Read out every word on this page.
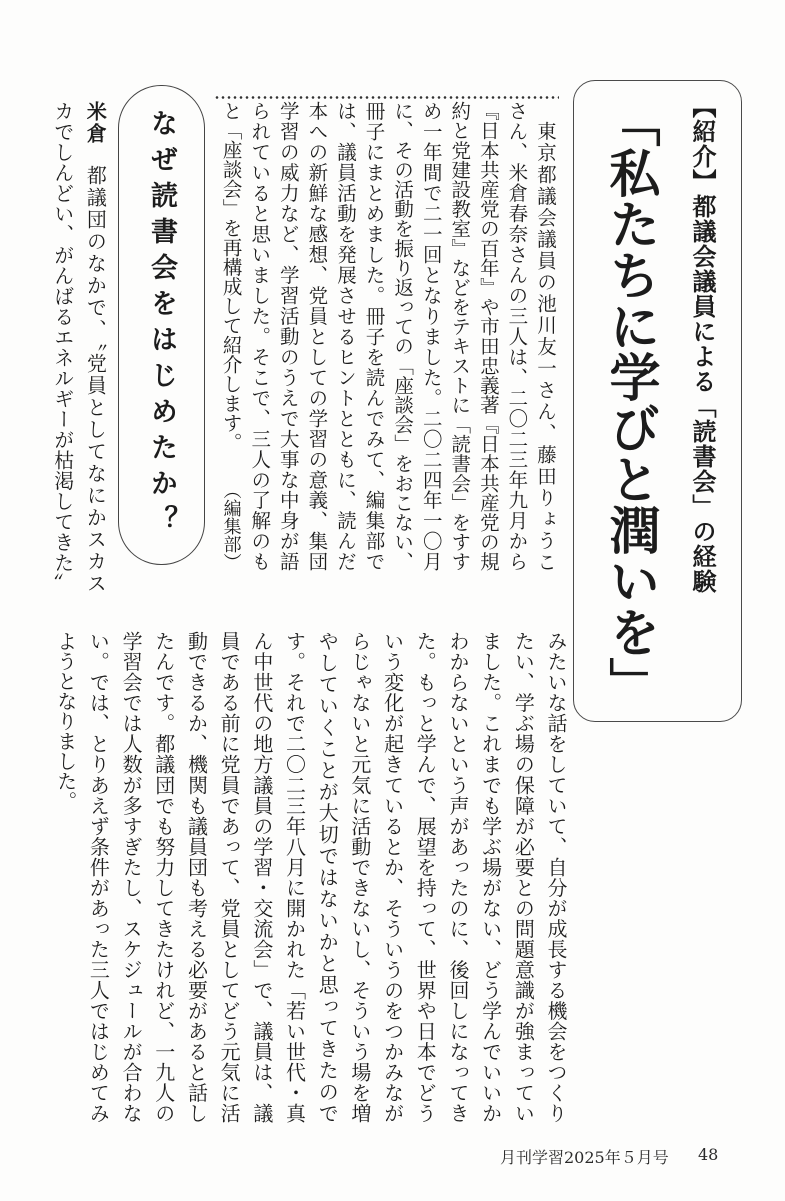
【紹介】都議会議員による「読書会」の経験
「私たちに学びと潤いを」
東京都議会議員の池川友一さん、藤田りょうこ
さん、米倉春奈さんの三人は、二〇二三年九月から
『日本共産党の百年』や市田忠義著『日本共産党の規
約と党建設教室』などをテキストに「読書会」をすす
め一年間で二一回となりました。二〇二四年一〇月
に、その活動を振り返っての「座談会」をおこない、
冊子にまとめました。冊子を読んでみて、編集部で
は、議員活動を発展させるヒントとともに、読んだ
本への新鮮な感想、党員としての学習の意義、集団
学習の威力など、学習活動のうえで大事な中身が語
られていると思いました。そこで、三人の了解のも
と「座談会」を再構成して紹介します。
（編集部）
なぜ読書会をはじめたか？
米倉都議団のなかで、〝党員としてなにかスカス
カでしんどい、がんばるエネルギーが枯渇してきた〟
みたいな話をしていて、自分が成長する機会をつくり
たい、学ぶ場の保障が必要との問題意識が強まってい
ました。これまでも学ぶ場がない、どう学んでいいか
わからないという声があったのに、後回しになってき
た。もっと学んで、展望を持って、世界や日本でどう
いう変化が起きているとか、そういうのをつかみなが
らじゃないと元気に活動できないし、そういう場を増
やしていくことが大切ではないかと思ってきたので
す。それで二〇二三年八月に開かれた「若い世代・真
ん中世代の地方議員の学習・交流会」で、議員は、議
員である前に党員であって、党員としてどう元気に活
動できるか、機関も議員団も考える必要があると話し
たんです。都議団でも努力してきたけれど、一九人の
学習会では人数が多すぎたし、スケジュールが合わな
い。では、とりあえず条件があった三人ではじめてみ
ようとなりました。
月刊学習2025年５月号 48
